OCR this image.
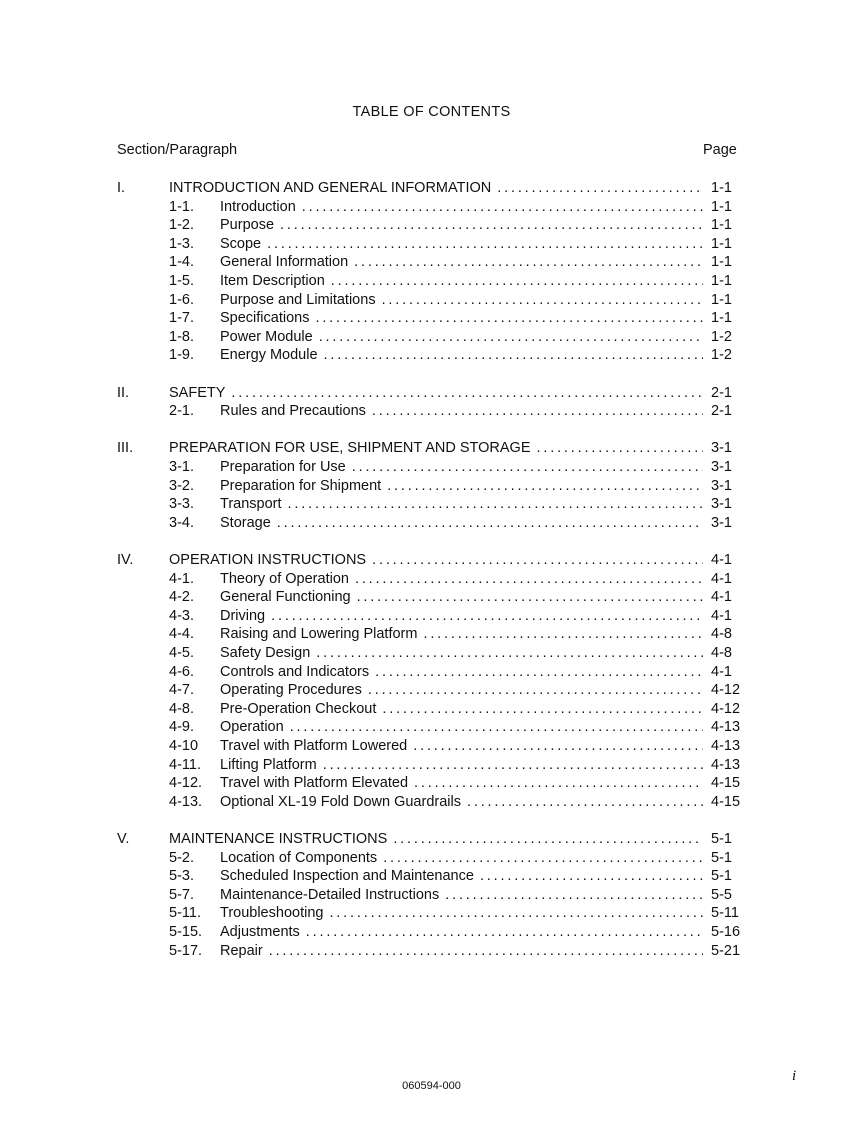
TABLE OF CONTENTS
Section/Paragraph	Page
I.	INTRODUCTION AND GENERAL INFORMATION . . .	1-1
1-1. Introduction . . .	1-1
1-2. Purpose . . .	1-1
1-3. Scope . . .	1-1
1-4. General Information . . .	1-1
1-5. Item Description . . .	1-1
1-6. Purpose and Limitations . . .	1-1
1-7. Specifications . . .	1-1
1-8. Power Module . . .	1-2
1-9. Energy Module . . .	1-2
II.	SAFETY . . .	2-1
2-1. Rules and Precautions . . .	2-1
III. PREPARATION FOR USE, SHIPMENT AND STORAGE . . .	3-1
3-1. Preparation for Use . . .	3-1
3-2. Preparation for Shipment . . .	3-1
3-3. Transport . . .	3-1
3-4. Storage . . .	3-1
IV. OPERATION INSTRUCTIONS . . .	4-1
4-1. Theory of Operation . . .	4-1
4-2. General Functioning . . .	4-1
4-3. Driving . . .	4-1
4-4. Raising and Lowering Platform . . .	4-8
4-5. Safety Design . . .	4-8
4-6. Controls and Indicators . . .	4-1
4-7. Operating Procedures . . .	4-12
4-8. Pre-Operation Checkout . . .	4-12
4-9. Operation . . .	4-13
4-10 Travel with Platform Lowered . . .	4-13
4-11. Lifting Platform . . .	4-13
4-12. Travel with Platform Elevated . . .	4-15
4-13. Optional XL-19 Fold Down Guardrails . . .	4-15
V.	MAINTENANCE INSTRUCTIONS . . .	5-1
5-2. Location of Components . . .	5-1
5-3. Scheduled Inspection and Maintenance . . .	5-1
5-7. Maintenance-Detailed Instructions . . .	5-5
5-11. Troubleshooting . . .	5-11
5-15. Adjustments . . .	5-16
5-17. Repair . . .	5-21
060594-000
i
